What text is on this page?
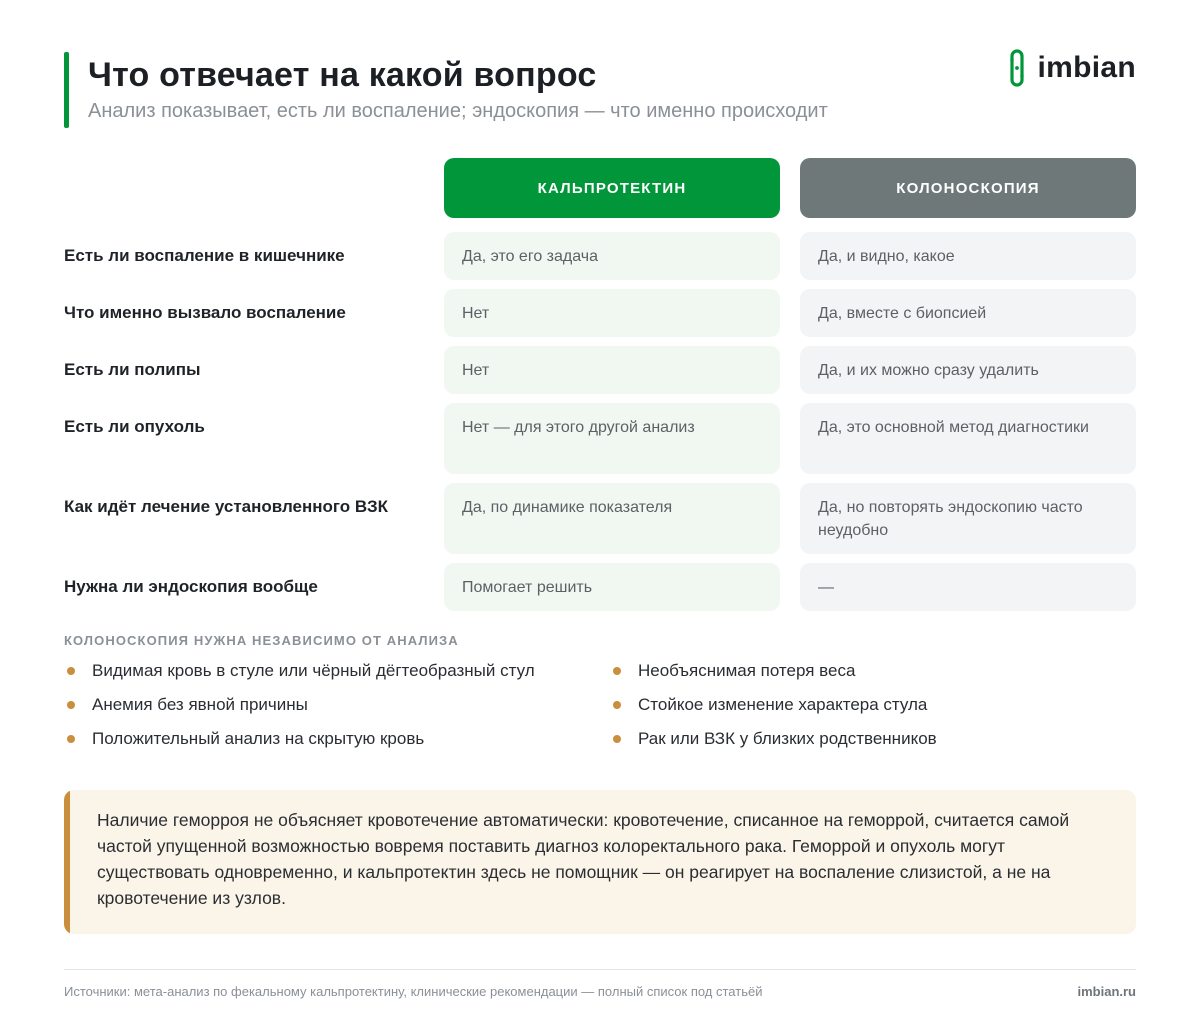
Что отвечает на какой вопрос
Анализ показывает, есть ли воспаление; эндоскопия — что именно происходит
imbian
КАЛЬПРОТЕКТИН	КОЛОНОСКОПИЯ
Есть ли воспаление в кишечнике	Да, это его задача	Да, и видно, какое
Что именно вызвало воспаление	Нет	Да, вместе с биопсией
Есть ли полипы	Нет	Да, и их можно сразу удалить
Есть ли опухоль	Нет — для этого другой анализ	Да, это основной метод диагностики
Как идёт лечение установленного ВЗК	Да, по динамике показателя	Да, но повторять эндоскопию часто неудобно
Нужна ли эндоскопия вообще	Помогает решить	—
КОЛОНОСКОПИЯ НУЖНА НЕЗАВИСИМО ОТ АНАЛИЗА
Видимая кровь в стуле или чёрный дёгтеобразный стул
Анемия без явной причины
Положительный анализ на скрытую кровь
Необъяснимая потеря веса
Стойкое изменение характера стула
Рак или ВЗК у близких родственников

Наличие геморроя не объясняет кровотечение автоматически: кровотечение, списанное на геморрой, считается самой частой упущенной возможностью вовремя поставить диагноз колоректального рака. Геморрой и опухоль могут существовать одновременно, и кальпротектин здесь не помощник — он реагирует на воспаление слизистой, а не на кровотечение из узлов.

Источники: мета-анализ по фекальному кальпротектину, клинические рекомендации — полный список под статьёй	imbian.ru
